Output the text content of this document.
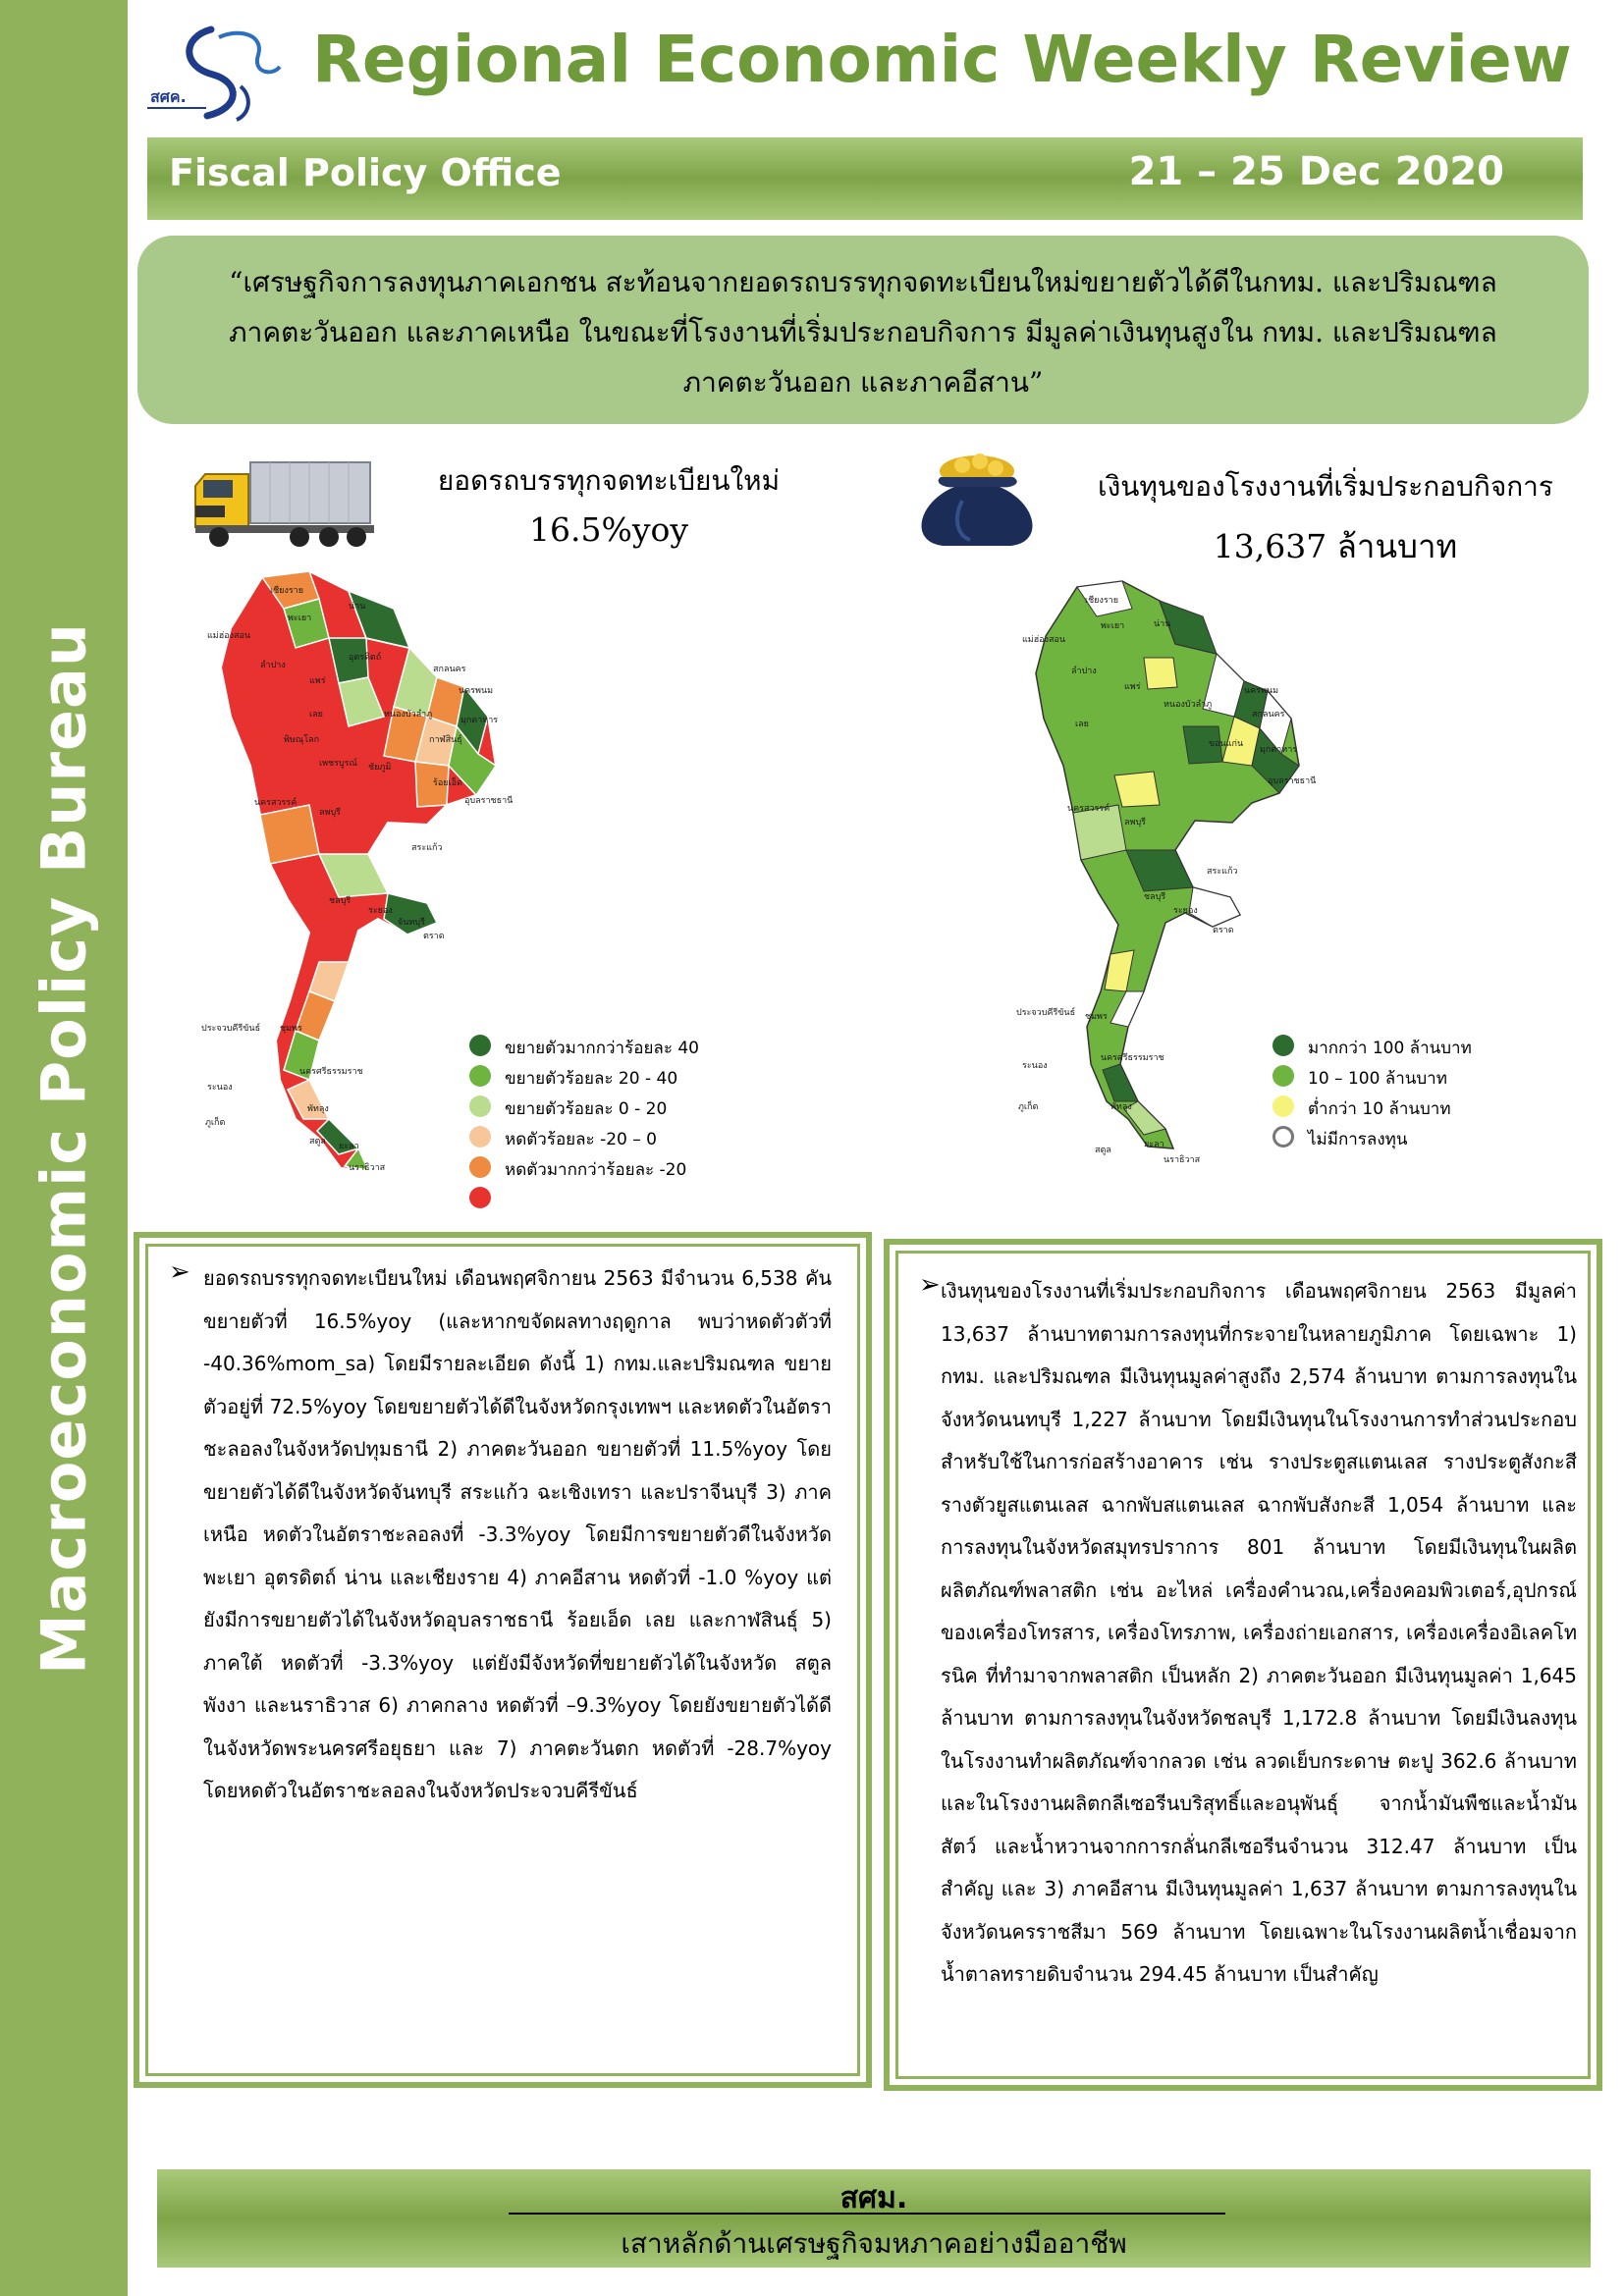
Macroeconomic Policy Bureau
สศค. Regional Economic Weekly Review
Fiscal Policy Office	21 – 25 Dec 2020
“เศรษฐกิจการลงทุนภาคเอกชน สะท้อนจากยอดรถบรรทุกจดทะเบียนใหม่ขยายตัวได้ดีในกทม. และปริมณฑล ภาคตะวันออก และภาคเหนือ ในขณะที่โรงงานที่เริ่มประกอบกิจการ มีมูลค่าเงินทุนสูงใน กทม. และปริมณฑล ภาคตะวันออก และภาคอีสาน”
ยอดรถบรรทุกจดทะเบียนใหม่
16.5%yoy
เงินทุนของโรงงานที่เริ่มประกอบกิจการ
13,637 ล้านบาท
เชียงราย
พะเยา
น่าน
แม่ฮ่องสอน
ลำปาง
แพร่
อุตรดิตถ์
เลย	หนองบัวลำภู
สกลนคร
นครพนม
มุกดาหาร
พิษณุโลก
เพชรบูรณ์ ชัยภูมิ
กาฬสินธุ์
ร้อยเอ็ด
อุบลราชธานี
นครสวรรค์
ลพบุรี
สระแก้ว
ชลบุรี
ระยอง
จันทบุรี
ตราด
ประจวบคีรีขันธ์
ระนอง
ชุมพร
นครศรีธรรมราช
ภูเก็ต
พัทลุง
สตูล ยะลา
นราธิวาส
ขยายตัวมากกว่าร้อยละ 40
ขยายตัวร้อยละ 20 - 40
ขยายตัวร้อยละ 0 - 20
หดตัวร้อยละ -20 – 0
หดตัวมากกว่าร้อยละ -20
เชียงราย
พะเยา	น่าน
แม่ฮ่องสอน
ลำปาง
แพร่
เลย
หนองบัวลำภู
นครพนม
สกลนคร
ขอนแก่น
มุกดาหาร
อุบลราชธานี
นครสวรรค์
ลพบุรี
สระแก้ว
ระยอง
ชลบุรี
ตราด
ประจวบคีรีขันธ์
ระนอง
ชุมพร
นครศรีธรรมราช
ภูเก็ต	พัทลุง
สตูล
ยะลา
นราธิวาส
มากกว่า 100 ล้านบาท
10 – 100 ล้านบาท
ต่ำกว่า 10 ล้านบาท
ไม่มีการลงทุน
➢ ยอดรถบรรทุกจดทะเบียนใหม่ เดือนพฤศจิกายน 2563 มีจำนวน 6,538 คัน ขยายตัวที่ 16.5%yoy (และหากขจัดผลทางฤดูกาล พบว่าหดตัวตัวที่ -40.36%mom_sa) โดยมีรายละเอียด ดังนี้ 1) กทม.และปริมณฑล ขยายตัวอยู่ที่ 72.5%yoy โดยขยายตัวได้ดีในจังหวัดกรุงเทพฯ และหดตัวในอัตราชะลอลงในจังหวัดปทุมธานี 2) ภาคตะวันออก ขยายตัวที่ 11.5%yoy โดยขยายตัวได้ดีในจังหวัดจันทบุรี สระแก้ว ฉะเชิงเทรา และปราจีนบุรี 3) ภาคเหนือ หดตัวในอัตราชะลอลงที่ -3.3%yoy โดยมีการขยายตัวดีในจังหวัดพะเยา อุตรดิตถ์ น่าน และเชียงราย 4) ภาคอีสาน หดตัวที่ -1.0 %yoy แต่ยังมีการขยายตัวได้ในจังหวัดอุบลราชธานี ร้อยเอ็ด เลย และกาฬสินธุ์ 5) ภาคใต้ หดตัวที่ -3.3%yoy แต่ยังมีจังหวัดที่ขยายตัวได้ในจังหวัด สตูล พังงา และนราธิวาส 6) ภาคกลาง หดตัวที่ –9.3%yoy โดยยังขยายตัวได้ดีในจังหวัดพระนครศรีอยุธยา และ 7) ภาคตะวันตก หดตัวที่ -28.7%yoy โดยหดตัวในอัตราชะลอลงในจังหวัดประจวบคีรีขันธ์
➢ เงินทุนของโรงงานที่เริ่มประกอบกิจการ เดือนพฤศจิกายน 2563 มีมูลค่า 13,637 ล้านบาทตามการลงทุนที่กระจายในหลายภูมิภาค โดยเฉพาะ 1) กทม. และปริมณฑล มีเงินทุนมูลค่าสูงถึง 2,574 ล้านบาท ตามการลงทุนในจังหวัดนนทบุรี 1,227 ล้านบาท โดยมีเงินทุนในโรงงานการทำส่วนประกอบสำหรับใช้ในการก่อสร้างอาคาร เช่น รางประตูสแตนเลส รางประตูสังกะสี รางตัวยูสแตนเลส ฉากพับสแตนเลส ฉากพับสังกะสี 1,054 ล้านบาท และการลงทุนในจังหวัดสมุทรปราการ 801 ล้านบาท โดยมีเงินทุนในผลิต ผลิตภัณฑ์พลาสติก เช่น อะไหล่ เครื่องคำนวณ,เครื่องคอมพิวเตอร์,อุปกรณ์ของเครื่องโทรสาร, เครื่องโทรภาพ, เครื่องถ่ายเอกสาร, เครื่องเครื่องอิเลคโทรนิค ที่ทำมาจากพลาสติก เป็นหลัก 2) ภาคตะวันออก มีเงินทุนมูลค่า 1,645 ล้านบาท ตามการลงทุนในจังหวัดชลบุรี 1,172.8 ล้านบาท โดยมีเงินลงทุนในโรงงานทำผลิตภัณฑ์จากลวด เช่น ลวดเย็บกระดาษ ตะปู 362.6 ล้านบาท และในโรงงานผลิตกลีเซอรีนบริสุทธิ์และอนุพันธุ์ จากน้ำมันพืชและน้ำมันสัตว์ และน้ำหวานจากการกลั่นกลีเซอรีนจำนวน 312.47 ล้านบาท เป็นสำคัญ และ 3) ภาคอีสาน มีเงินทุนมูลค่า 1,637 ล้านบาท ตามการลงทุนในจังหวัดนครราชสีมา 569 ล้านบาท โดยเฉพาะในโรงงานผลิตน้ำเชื่อมจากน้ำตาลทรายดิบจำนวน 294.45 ล้านบาท เป็นสำคัญ
สศม.
เสาหลักด้านเศรษฐกิจมหภาคอย่างมืออาชีพ
